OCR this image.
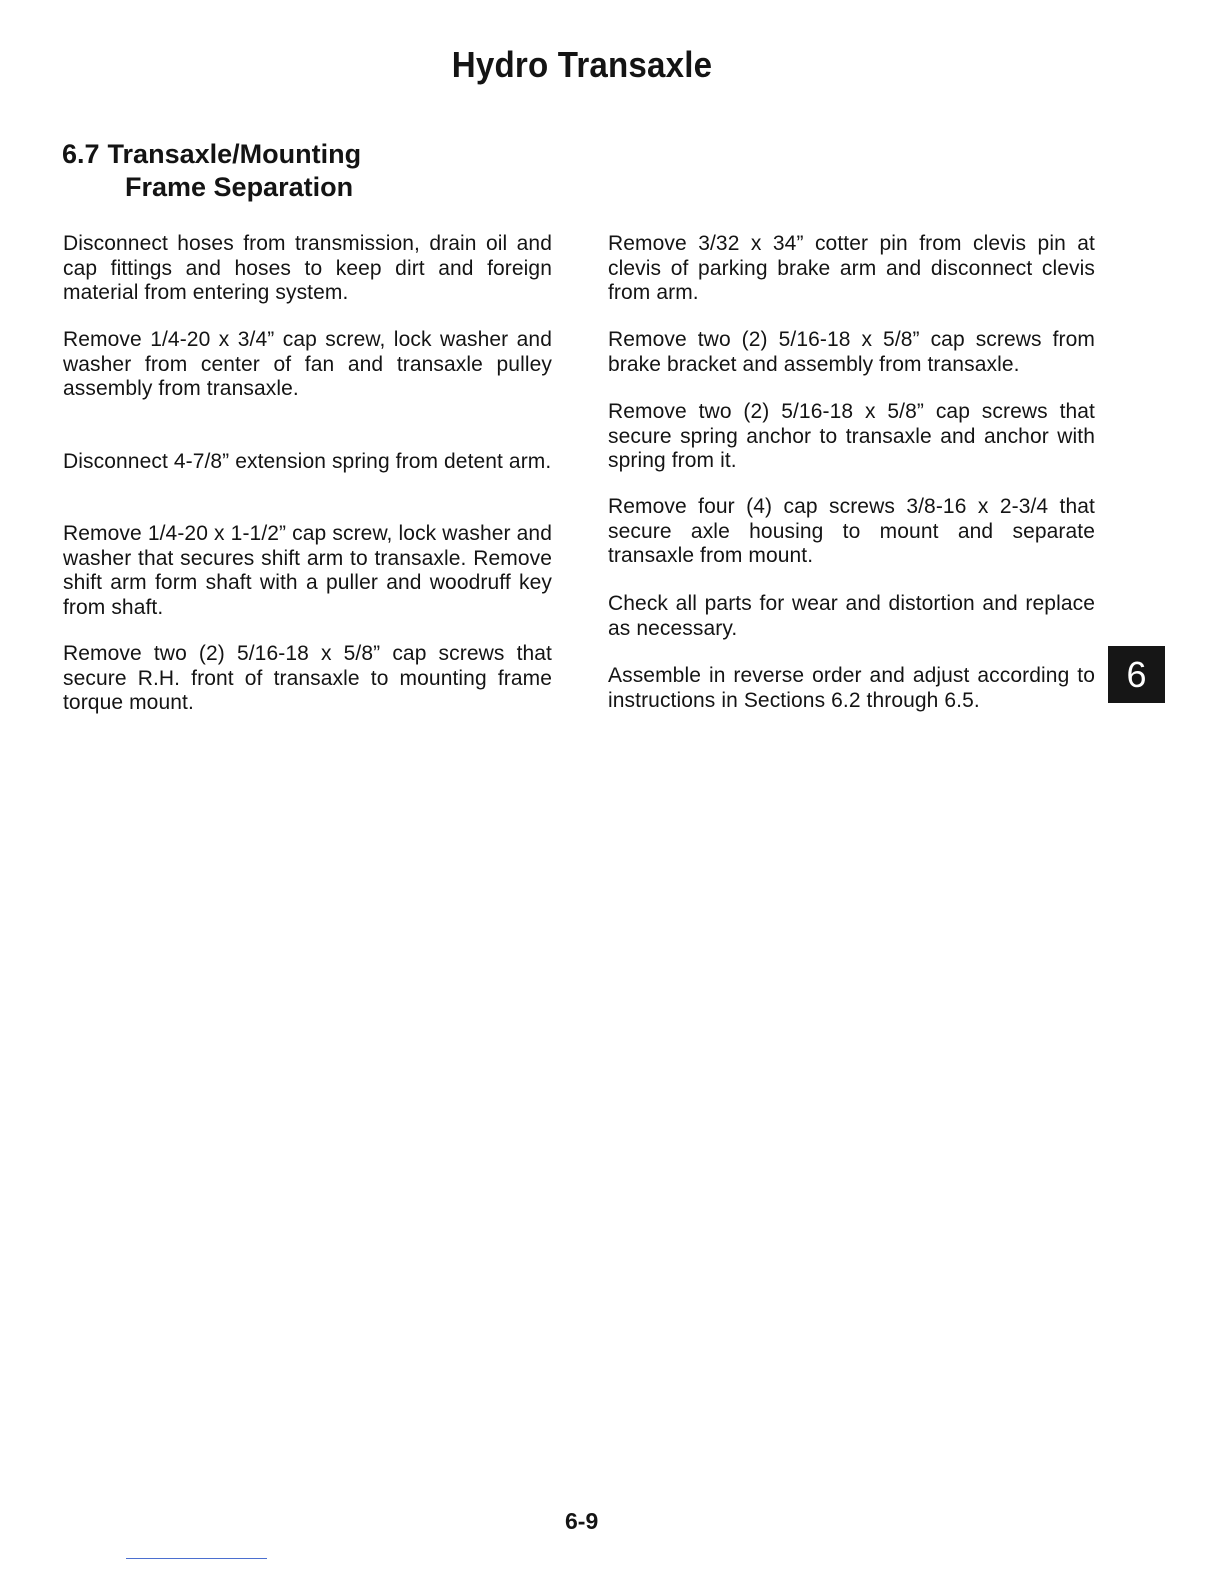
Hydro Transaxle
6.7 Transaxle/Mounting
Frame Separation

Disconnect hoses from transmission, drain oil and cap fittings and hoses to keep dirt and foreign material from entering system.

Remove 1/4-20 x 3/4” cap screw, lock washer and washer from center of fan and transaxle pulley assembly from transaxle.

Disconnect 4-7/8” extension spring from detent arm.

Remove 1/4-20 x 1-1/2” cap screw, lock washer and washer that secures shift arm to transaxle. Remove shift arm form shaft with a puller and woodruff key from shaft.

Remove two (2) 5/16-18 x 5/8” cap screws that secure R.H. front of transaxle to mounting frame torque mount.

Remove 3/32 x 34” cotter pin from clevis pin at clevis of parking brake arm and disconnect clevis from arm.

Remove two (2) 5/16-18 x 5/8” cap screws from brake bracket and assembly from transaxle.

Remove two (2) 5/16-18 x 5/8” cap screws that secure spring anchor to transaxle and anchor with spring from it.

Remove four (4) cap screws 3/8-16 x 2-3/4 that secure axle housing to mount and separate transaxle from mount.

Check all parts for wear and distortion and replace as necessary.

Assemble in reverse order and adjust according to instructions in Sections 6.2 through 6.5.

6

6-9
